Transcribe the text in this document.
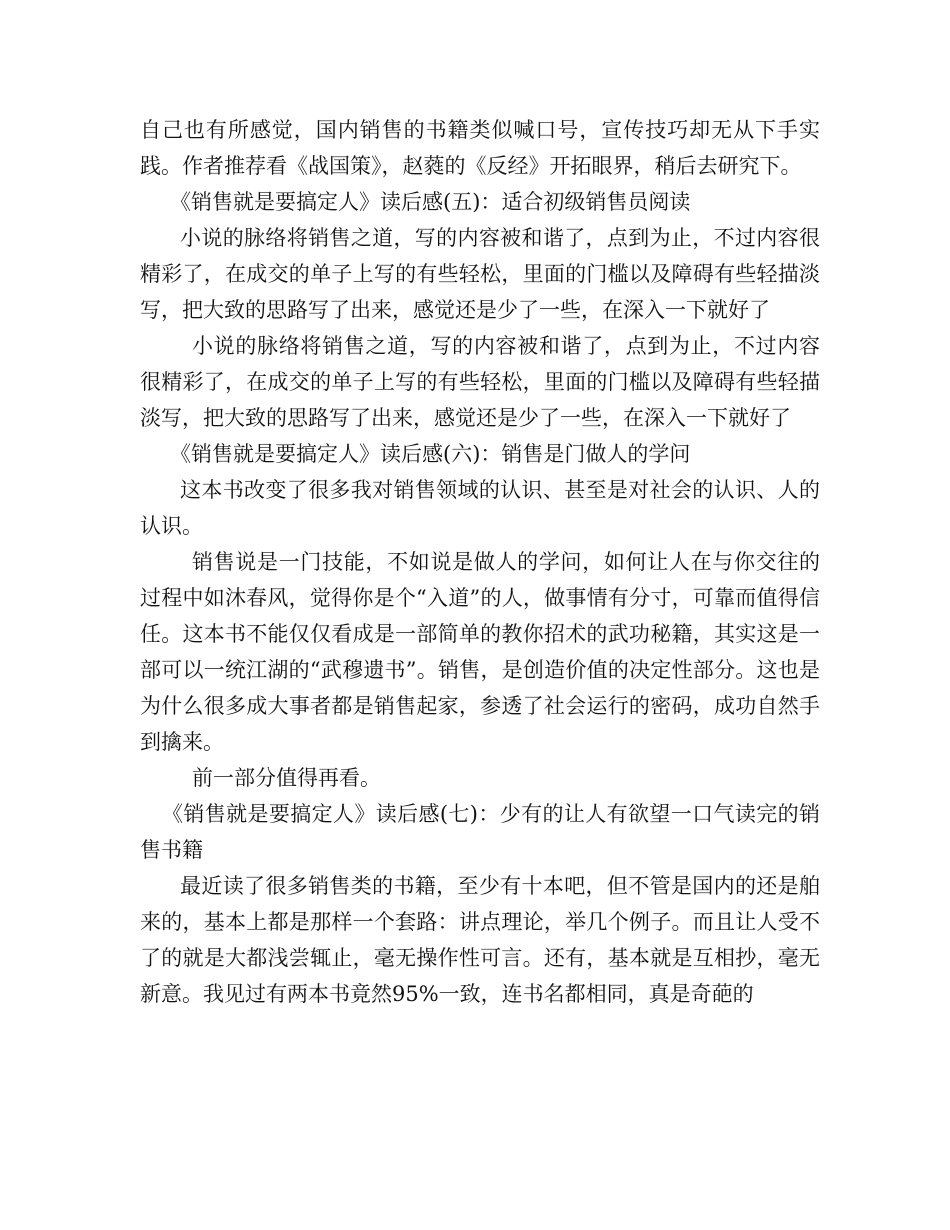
自己也有所感觉，国内销售的书籍类似喊口号，宣传技巧却无从下手实践。作者推荐看《战国策》，赵蕤的《反经》开拓眼界，稍后去研究下。

《销售就是要搞定人》读后感(五)：适合初级销售员阅读

小说的脉络将销售之道，写的内容被和谐了，点到为止，不过内容很精彩了，在成交的单子上写的有些轻松，里面的门槛以及障碍有些轻描淡写，把大致的思路写了出来，感觉还是少了一些，在深入一下就好了

小说的脉络将销售之道，写的内容被和谐了，点到为止，不过内容很精彩了，在成交的单子上写的有些轻松，里面的门槛以及障碍有些轻描淡写，把大致的思路写了出来，感觉还是少了一些，在深入一下就好了

《销售就是要搞定人》读后感(六)：销售是门做人的学问

这本书改变了很多我对销售领域的认识、甚至是对社会的认识、人的认识。

销售说是一门技能，不如说是做人的学问，如何让人在与你交往的过程中如沐春风，觉得你是个“入道”的人，做事情有分寸，可靠而值得信任。这本书不能仅仅看成是一部简单的教你招术的武功秘籍，其实这是一部可以一统江湖的“武穆遗书”。销售，是创造价值的决定性部分。这也是为什么很多成大事者都是销售起家，参透了社会运行的密码，成功自然手到擒来。

前一部分值得再看。

《销售就是要搞定人》读后感(七)：少有的让人有欲望一口气读完的销售书籍

最近读了很多销售类的书籍，至少有十本吧，但不管是国内的还是舶来的，基本上都是那样一个套路：讲点理论，举几个例子。而且让人受不了的就是大都浅尝辄止，毫无操作性可言。还有，基本就是互相抄，毫无新意。我见过有两本书竟然95%一致，连书名都相同，真是奇葩的
